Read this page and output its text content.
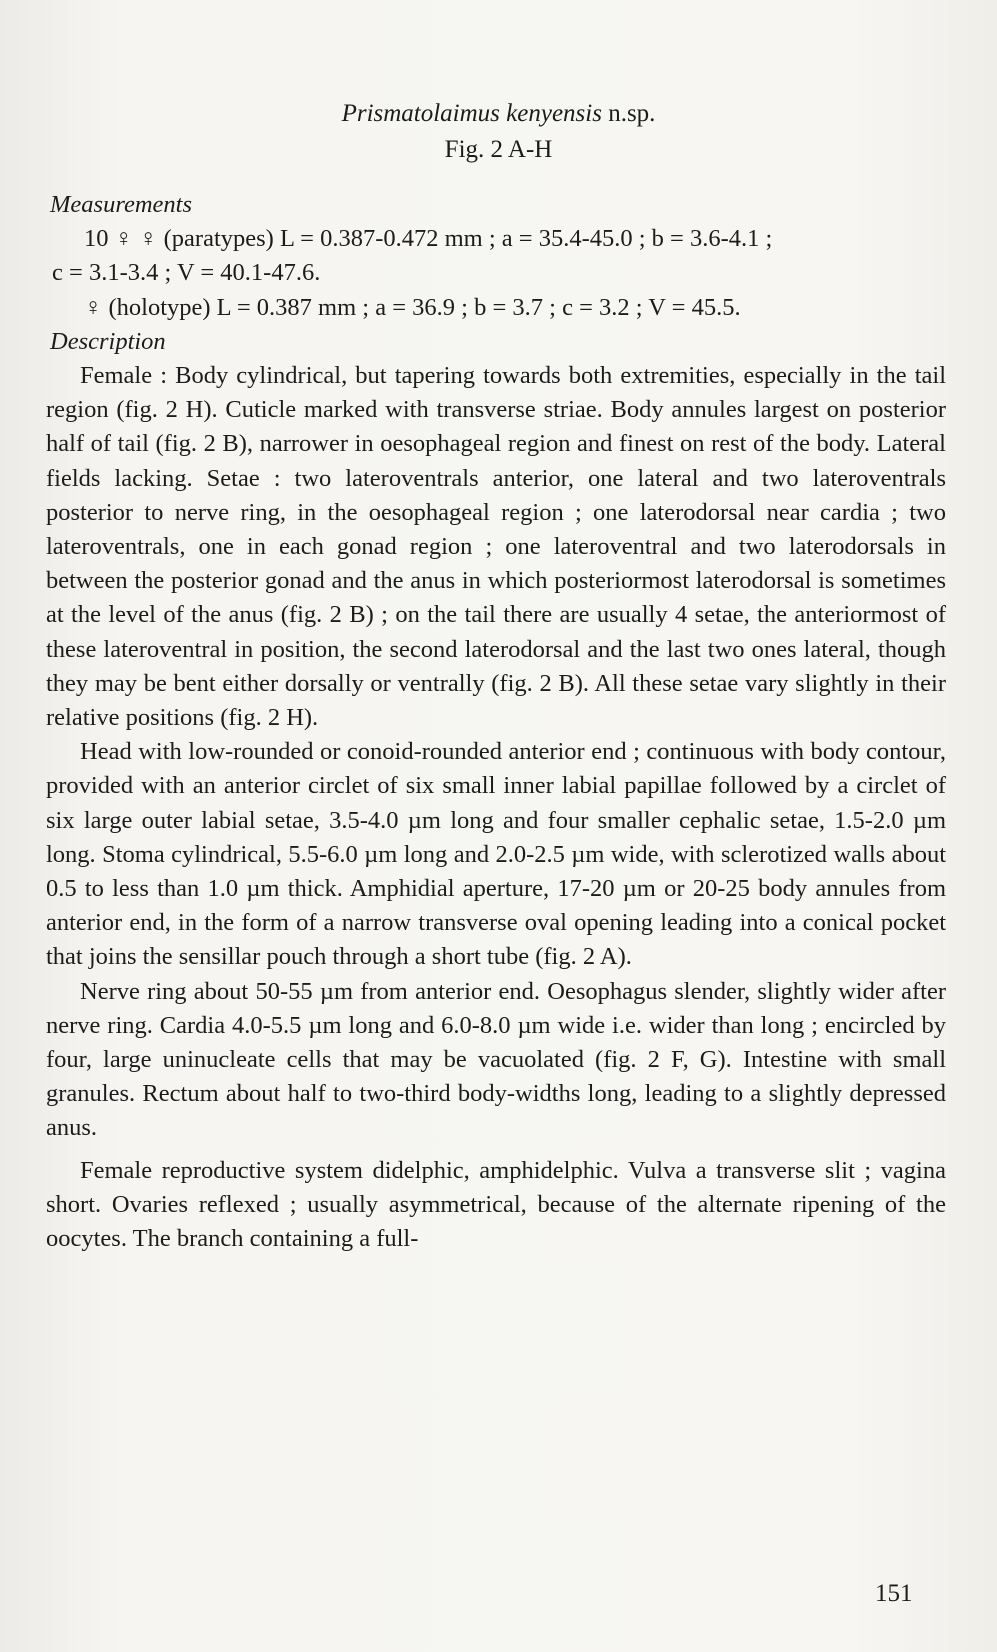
Prismatolaimus kenyensis n.sp.
Fig. 2 A-H

Measurements

10 ♀ ♀ (paratypes) L = 0.387-0.472 mm ; a = 35.4-45.0 ; b = 3.6-4.1 ;

c = 3.1-3.4 ; V = 40.1-47.6.

♀ (holotype) L = 0.387 mm ; a = 36.9 ; b = 3.7 ; c = 3.2 ; V = 45.5.

Description

Female : Body cylindrical, but tapering towards both extremities, especially in the tail region (fig. 2 H). Cuticle marked with transverse striae. Body annules largest on posterior half of tail (fig. 2 B), narrower in oesophageal region and finest on rest of the body. Lateral fields lacking. Setae : two lateroventrals anterior, one lateral and two lateroventrals posterior to nerve ring, in the oesophageal region ; one laterodorsal near cardia ; two lateroventrals, one in each gonad region ; one lateroventral and two laterodorsals in between the posterior gonad and the anus in which posteriormost laterodorsal is sometimes at the level of the anus (fig. 2 B) ; on the tail there are usually 4 setae, the anteriormost of these lateroventral in position, the second laterodorsal and the last two ones lateral, though they may be bent either dorsally or ventrally (fig. 2 B). All these setae vary slightly in their relative positions (fig. 2 H).

Head with low-rounded or conoid-rounded anterior end ; continuous with body contour, provided with an anterior circlet of six small inner labial papillae followed by a circlet of six large outer labial setae, 3.5-4.0 µm long and four smaller cephalic setae, 1.5-2.0 µm long. Stoma cylindrical, 5.5-6.0 µm long and 2.0-2.5 µm wide, with sclerotized walls about 0.5 to less than 1.0 µm thick. Amphidial aperture, 17-20 µm or 20-25 body annules from anterior end, in the form of a narrow transverse oval opening leading into a conical pocket that joins the sensillar pouch through a short tube (fig. 2 A).

Nerve ring about 50-55 µm from anterior end. Oesophagus slender, slightly wider after nerve ring. Cardia 4.0-5.5 µm long and 6.0-8.0 µm wide i.e. wider than long ; encircled by four, large uninucleate cells that may be vacuolated (fig. 2 F, G). Intestine with small granules. Rectum about half to two-third body-widths long, leading to a slightly depressed anus.

Female reproductive system didelphic, amphidelphic. Vulva a transverse slit ; vagina short. Ovaries reflexed ; usually asymmetrical, because of the alternate ripening of the oocytes. The branch containing a full-

151
